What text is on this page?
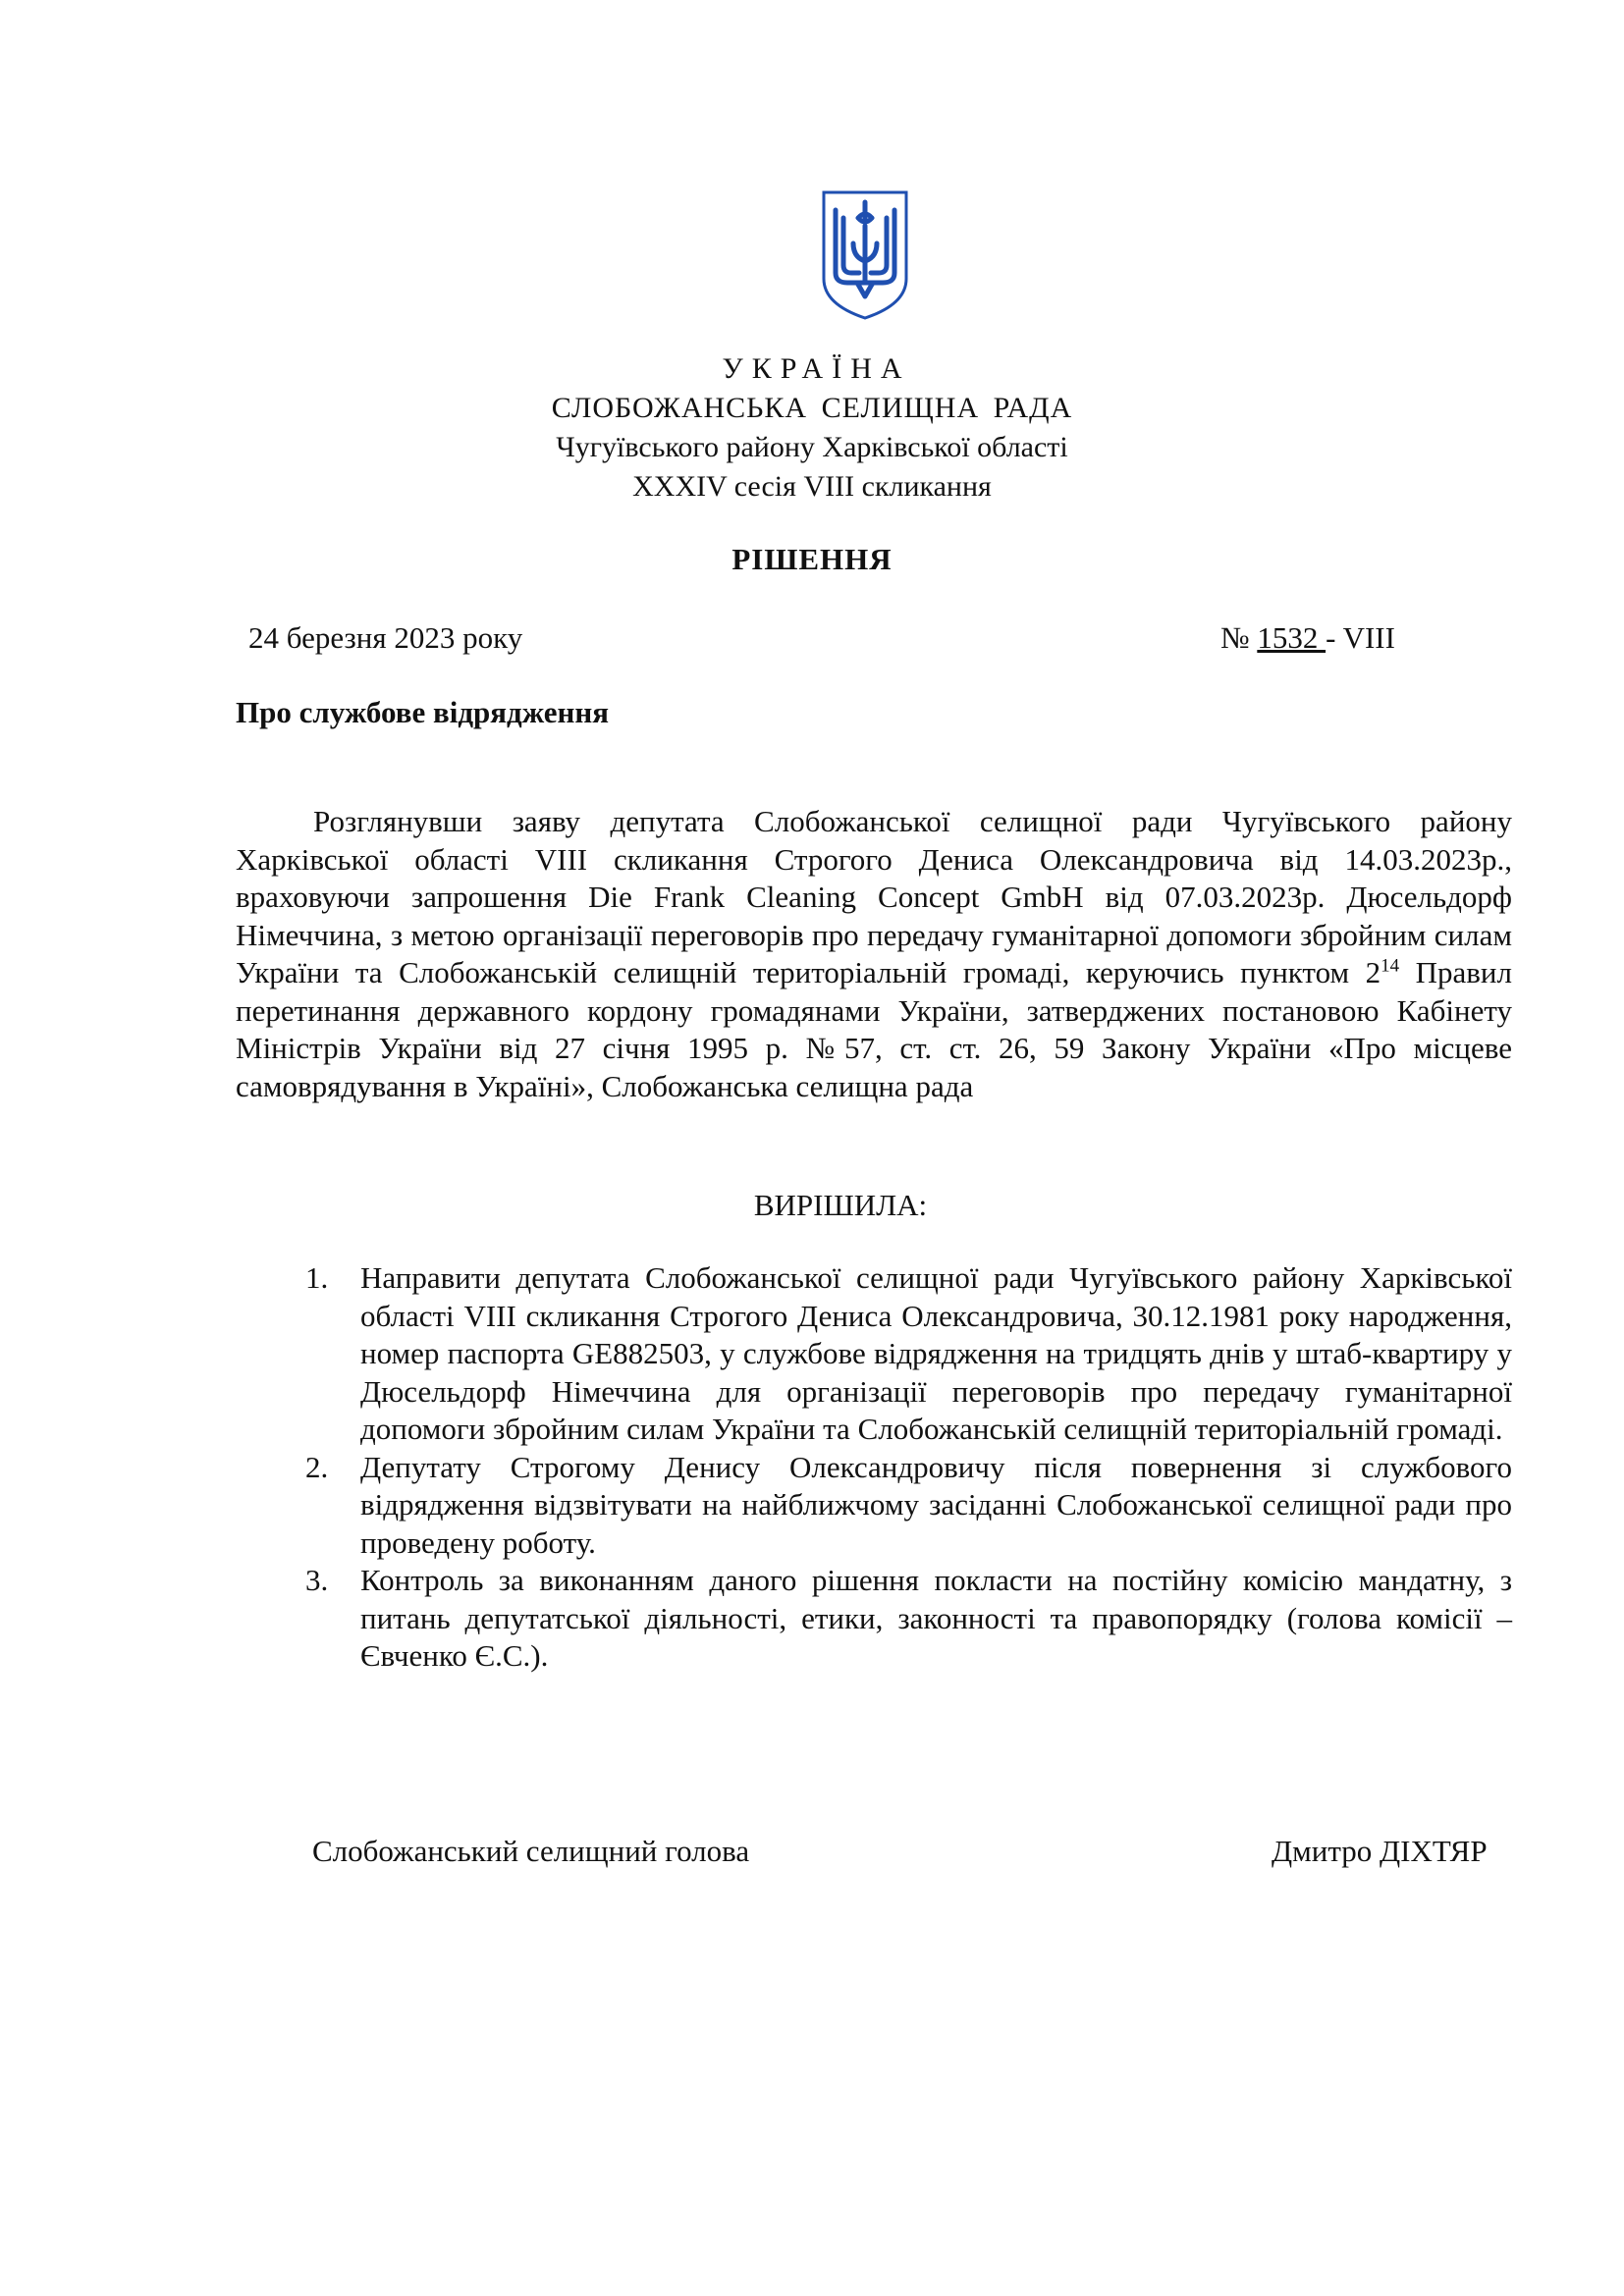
УКРАЇНА
СЛОБОЖАНСЬКА СЕЛИЩНА РАДА
Чугуївського району Харківської області
XXXIV сесія VIII скликання
РІШЕННЯ
24 березня 2023 року	№ 1532 - VIII
Про службове відрядження

Розглянувши заяву депутата Слобожанської селищної ради Чугуївського району Харківської області VIII скликання Строгого Дениса Олександровича від 14.03.2023р., враховуючи запрошення Die Frank Cleaning Concept GmbH від 07.03.2023р. Дюсельдорф Німеччина, з метою організації переговорів про передачу гуманітарної допомоги збройним силам України та Слобожанській селищній територіальній громаді, керуючись пунктом $2^{14}$ Правил перетинання державного кордону громадянами України, затверджених постановою Кабінету Міністрів України від 27 січня 1995 р. №57, ст. ст. 26, 59 Закону України «Про місцеве самоврядування в Україні», Слобожанська селищна рада

ВИРІШИЛА:
1. Направити депутата Слобожанської селищної ради Чугуївського району Харківської області VIII скликання Строгого Дениса Олександровича, 30.12.1981 року народження, номер паспорта GE882503, у службове відрядження на тридцять днів у штаб-квартиру у Дюсельдорф Німеччина для організації переговорів про передачу гуманітарної допомоги збройним силам України та Слобожанській селищній територіальній громаді.
2. Депутату Строгому Денису Олександровичу після повернення зі службового відрядження відзвітувати на найближчому засіданні Слобожанської селищної ради про проведену роботу.
3. Контроль за виконанням даного рішення покласти на постійну комісію мандатну, з питань депутатської діяльності, етики, законності та правопорядку (голова комісії – Євченко Є.С.).
Слобожанський селищний голова	Дмитро ДІХТЯР
